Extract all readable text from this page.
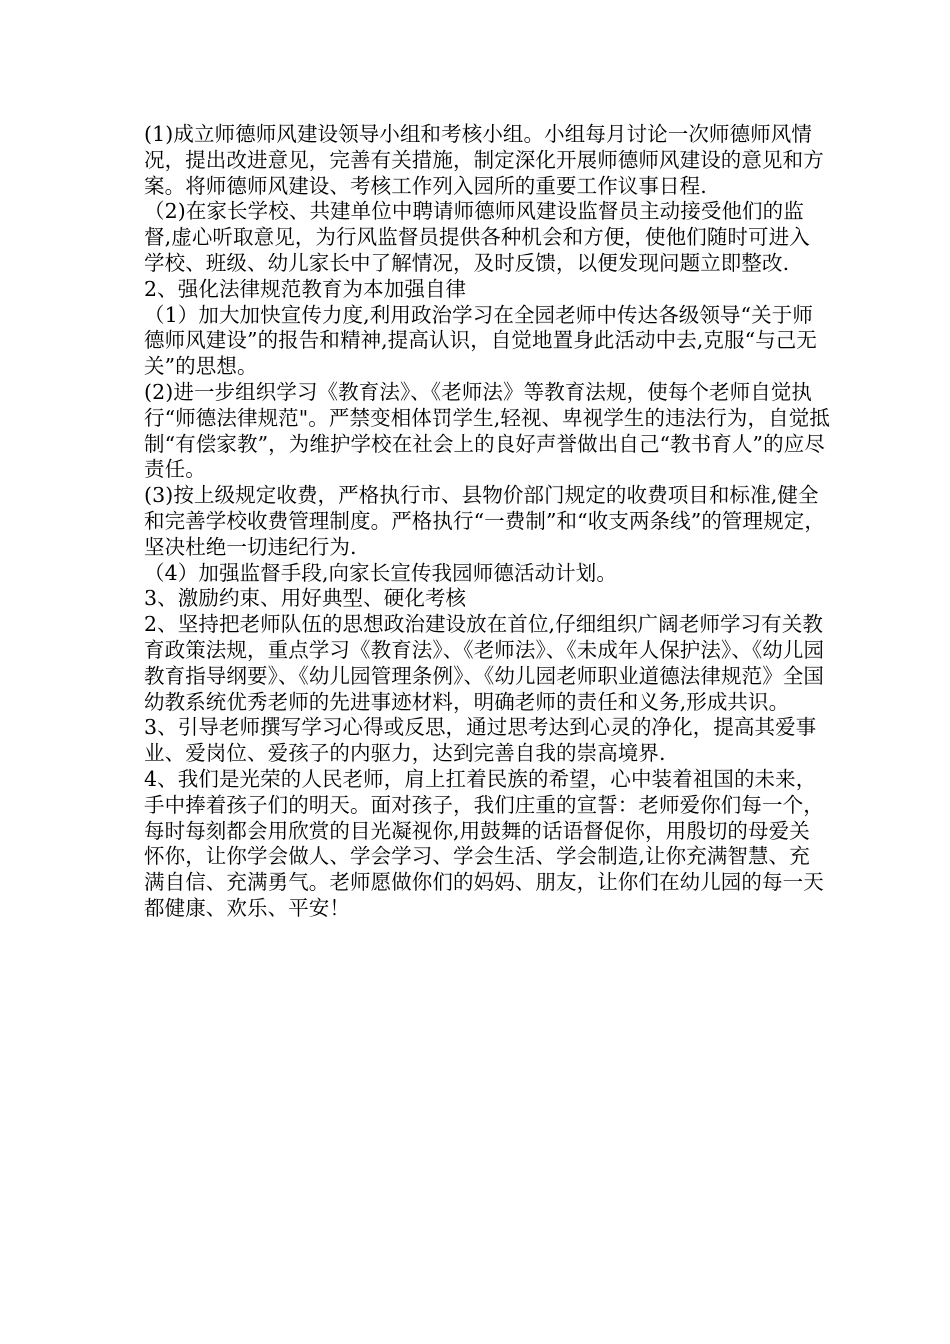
(1)成立师德师风建设领导小组和考核小组。小组每月讨论一次师德师风情况，提出改进意见，完善有关措施，制定深化开展师德师风建设的意见和方案。将师德师风建设、考核工作列入园所的重要工作议事日程.

（2)在家长学校、共建单位中聘请师德师风建设监督员主动接受他们的监督,虚心听取意见，为行风监督员提供各种机会和方便，使他们随时可进入学校、班级、幼儿家长中了解情况，及时反馈，以便发现问题立即整改.

2、强化法律规范教育为本加强自律

（1）加大加快宣传力度,利用政治学习在全园老师中传达各级领导“关于师德师风建设”的报告和精神,提高认识，自觉地置身此活动中去,克服“与己无关”的思想。

(2)进一步组织学习《教育法》、《老师法》等教育法规，使每个老师自觉执行“师德法律规范"。严禁变相体罚学生,轻视、卑视学生的违法行为，自觉抵制“有偿家教”，为维护学校在社会上的良好声誉做出自己“教书育人”的应尽责任。

(3)按上级规定收费，严格执行市、县物价部门规定的收费项目和标准,健全和完善学校收费管理制度。严格执行“一费制”和“收支两条线”的管理规定，坚决杜绝一切违纪行为.

（4）加强监督手段,向家长宣传我园师德活动计划。

3、激励约束、用好典型、硬化考核

2、坚持把老师队伍的思想政治建设放在首位,仔细组织广阔老师学习有关教育政策法规，重点学习《教育法》、《老师法》、《未成年人保护法》、《幼儿园教育指导纲要》、《幼儿园管理条例》、《幼儿园老师职业道德法律规范》全国幼教系统优秀老师的先进事迹材料，明确老师的责任和义务,形成共识。

3、引导老师撰写学习心得或反思，通过思考达到心灵的净化，提高其爱事业、爱岗位、爱孩子的内驱力，达到完善自我的崇高境界.

4、我们是光荣的人民老师，肩上扛着民族的希望，心中装着祖国的未来，手中捧着孩子们的明天。面对孩子，我们庄重的宣誓：老师爱你们每一个，每时每刻都会用欣赏的目光凝视你,用鼓舞的话语督促你，用殷切的母爱关怀你，让你学会做人、学会学习、学会生活、学会制造,让你充满智慧、充满自信、充满勇气。老师愿做你们的妈妈、朋友，让你们在幼儿园的每一天都健康、欢乐、平安！
